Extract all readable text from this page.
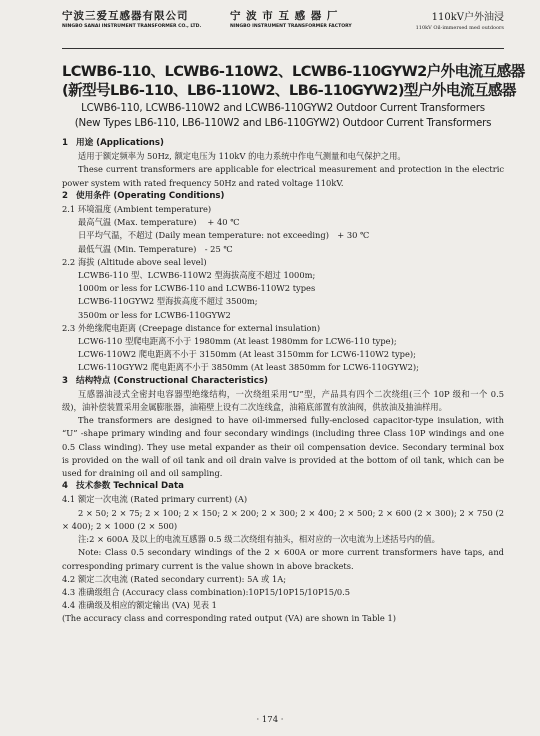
宁波三爱互感器有限公司
NINGBO SANAI INSTRUMENT TRANSFORMER CO., LTD.
宁 波 市 互 感 器 厂
NINGBO INSTRUMENT TRANSFORMER FACTORY
110kV户外油浸
110kV Oil-immersed med outdoors
LCWB6-110、LCWB6-110W2、LCWB6-110GYW2户外电流互感器
(新型号LB6-110、LB6-110W2、LB6-110GYW2)型户外电流互感器
LCWB6-110, LCWB6-110W2 and LCWB6-110GYW2 Outdoor Current Transformers
(New Types LB6-110, LB6-110W2 and LB6-110GYW2) Outdoor Current Transformers

1 用途 (Applications)

适用于额定频率为 50Hz, 额定电压为 110kV 的电力系统中作电气测量和电气保护之用。

These current transformers are applicable for electrical measurement and protection in the electric power system with rated frequency 50Hz and rated voltage 110kV.

2 使用条件 (Operating Conditions)

2.1 环境温度 (Ambient temperature)

最高气温 (Max. temperature)　 + 40 ℃

日平均气温，不超过 (Daily mean temperature: not exceeding)　+ 30 ℃

最低气温 (Min. Temperature)　- 25 ℃

2.2 海拔 (Altitude above seal level)

LCWB6-110 型、LCWB6-110W2 型海拔高度不超过 1000m;

1000m or less for LCWB6-110 and LCWB6-110W2 types

LCWB6-110GYW2 型海拔高度不超过 3500m;

3500m or less for LCWB6-110GYW2

2.3 外绝缘爬电距离 (Creepage distance for external insulation)

LCW6-110 型爬电距离不小于 1980mm (At least 1980mm for LCW6-110 type);

LCW6-110W2 爬电距离不小于 3150mm (At least 3150mm for LCW6-110W2 type);

LCW6-110GYW2 爬电距离不小于 3850mm (At least 3850mm for LCW6-110GYW2);

3 结构特点 (Constructional Characteristics)

互感器油浸式全密封电容器型绝缘结构，一次绕组采用“U”型，产品具有四个二次绕组(三个 10P 级和一个 0.5 级)，油补偿装置采用金属膨胀器，油箱壁上设有二次连线盒，油箱底部置有放油阀，供放油及抽油样用。

The transformers are designed to have oil-immersed fully-enclosed capacitor-type insulation, with “U” -shape primary winding and four secondary windings (including three Class 10P windings and one 0.5 Class winding). They use metal expander as their oil compensation device. Secondary terminal box is provided on the wall of oil tank and oil drain valve is provided at the bottom of oil tank, which can be used for draining oil and oil sampling.

4 技术参数 Technical Data

4.1 额定一次电流 (Rated primary current) (A)

2 × 50; 2 × 75; 2 × 100; 2 × 150; 2 × 200; 2 × 300; 2 × 400; 2 × 500; 2 × 600 (2 × 300); 2 × 750 (2 × 400); 2 × 1000 (2 × 500)

注:2 × 600A 及以上的电流互感器 0.5 级二次绕组有抽头，相对应的一次电流为上述括号内的值。

Note: Class 0.5 secondary windings of the 2 × 600A or more current transformers have taps, and corresponding primary current is the value shown in above brackets.

4.2 额定二次电流 (Rated secondary current): 5A 或 1A;

4.3 准确级组合 (Accuracy class combination):10P15/10P15/10P15/0.5

4.4 准确级及相应的额定输出 (VA) 见表 1

(The accuracy class and corresponding rated output (VA) are shown in Table 1)

· 174 ·
